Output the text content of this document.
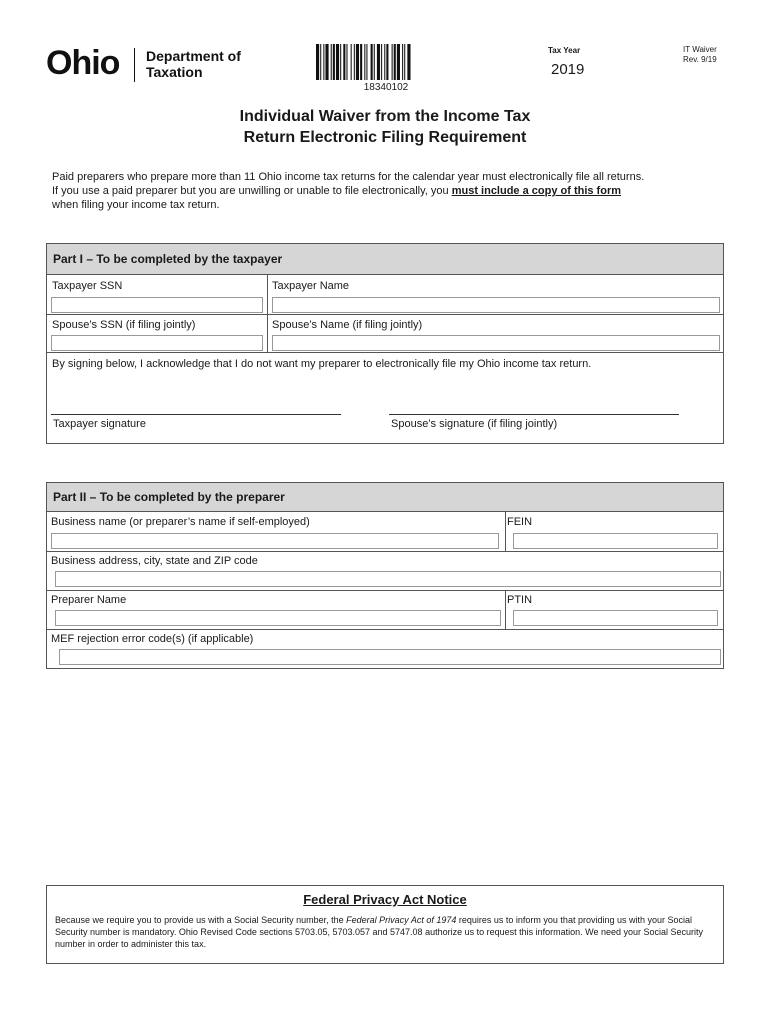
Ohio Department of
Taxation
18340102
Tax Year
2019
IT Waiver
Rev. 9/19
Individual Waiver from the Income Tax
Return Electronic Filing Requirement
Paid preparers who prepare more than 11 Ohio income tax returns for the calendar year must electronically file all returns.
If you use a paid preparer but you are unwilling or unable to file electronically, you must include a copy of this form
when filing your income tax return.
Part I – To be completed by the taxpayer
Taxpayer SSN	Taxpayer Name
Spouse’s SSN (if filing jointly)	Spouse’s Name (if filing jointly)
By signing below, I acknowledge that I do not want my preparer to electronically file my Ohio income tax return.
Taxpayer signature	Spouse’s signature (if filing jointly)
Part II – To be completed by the preparer
Business name (or preparer’s name if self-employed)	FEIN
Business address, city, state and ZIP code
Preparer Name	PTIN
MEF rejection error code(s) (if applicable)
Federal Privacy Act Notice
Because we require you to provide us with a Social Security number, the Federal Privacy Act of 1974 requires us to inform you that providing us with your Social Security number is mandatory. Ohio Revised Code sections 5703.05, 5703.057 and 5747.08 authorize us to request this information. We need your Social Security number in order to administer this tax.
